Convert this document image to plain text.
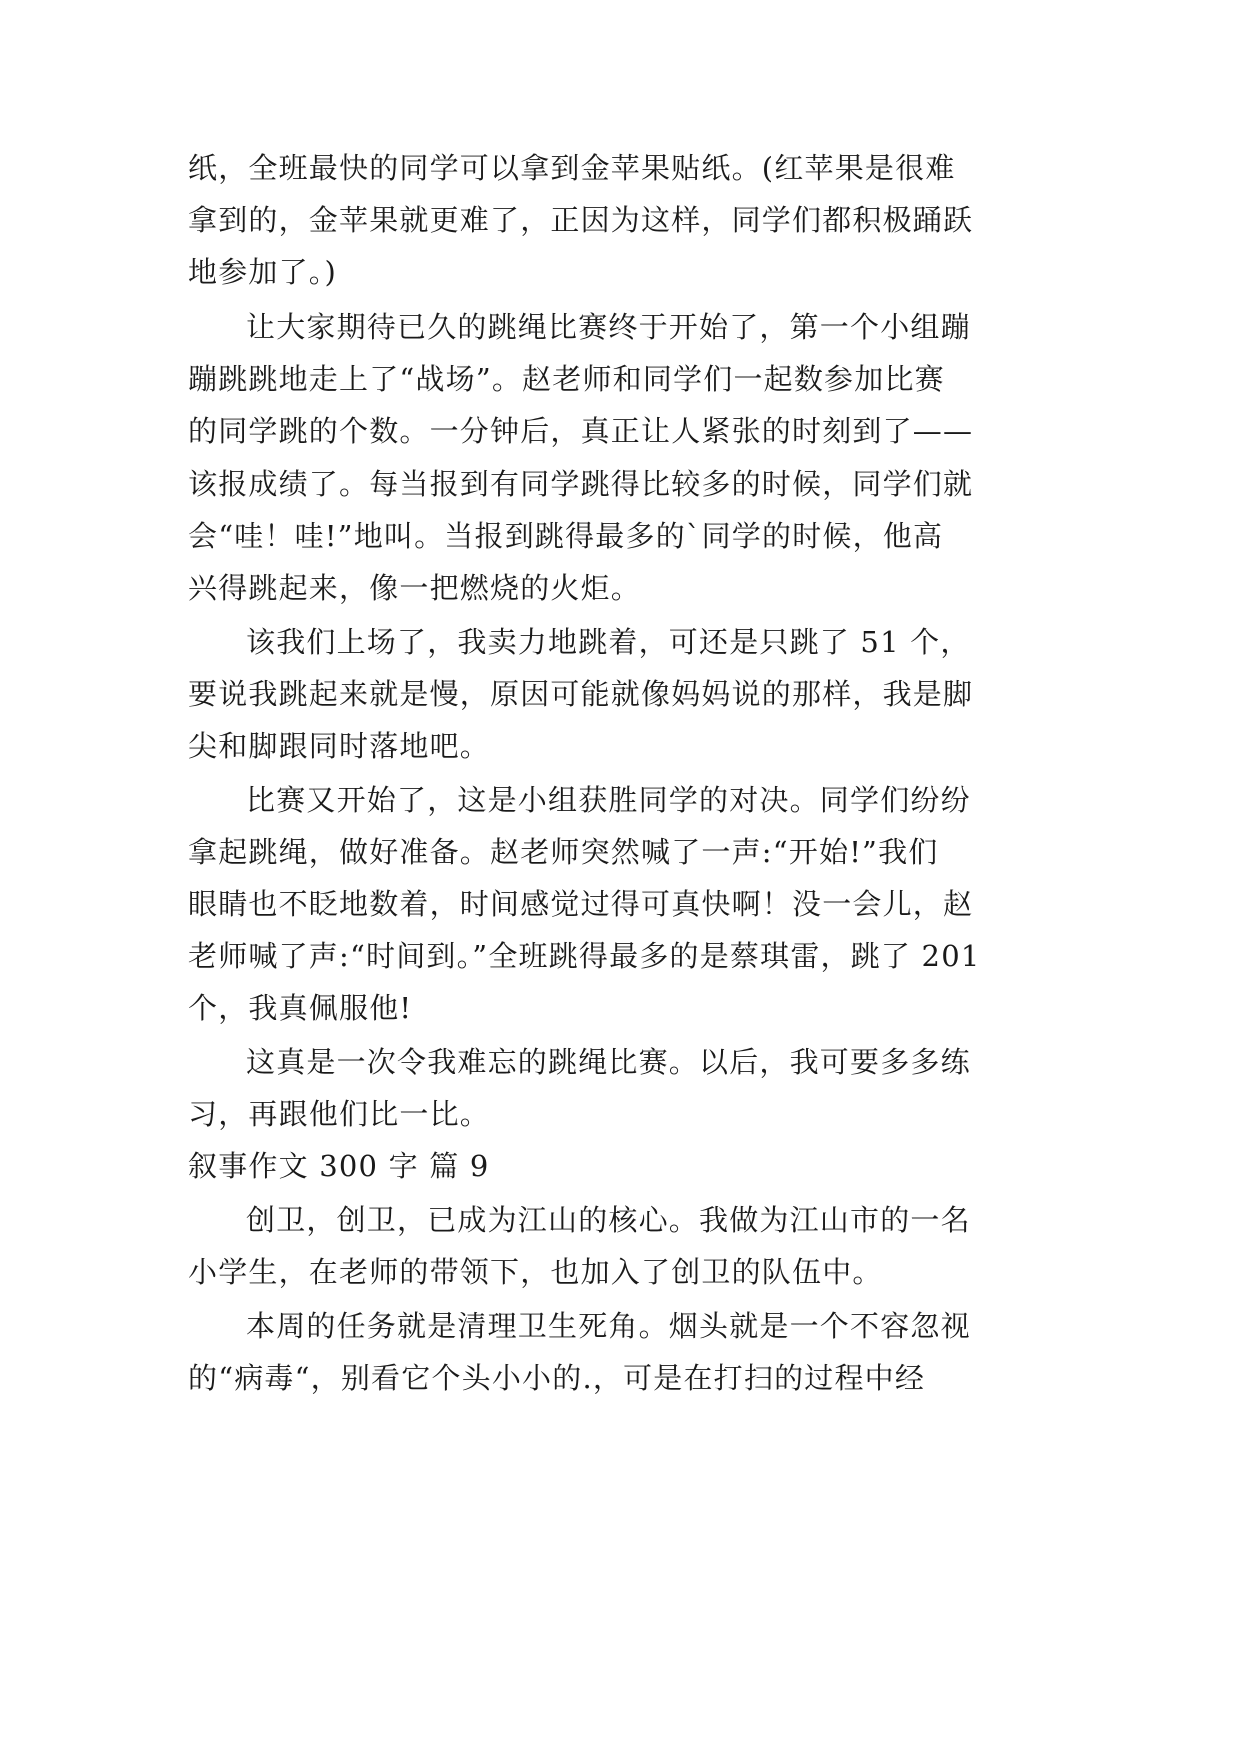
纸，全班最快的同学可以拿到金苹果贴纸。(红苹果是很难
拿到的，金苹果就更难了，正因为这样，同学们都积极踊跃
地参加了。)
让大家期待已久的跳绳比赛终于开始了，第一个小组蹦
蹦跳跳地走上了“战场”。赵老师和同学们一起数参加比赛
的同学跳的个数。一分钟后，真正让人紧张的时刻到了——
该报成绩了。每当报到有同学跳得比较多的时候，同学们就
会“哇！哇!”地叫。当报到跳得最多的`同学的时候，他高
兴得跳起来，像一把燃烧的火炬。
该我们上场了，我卖力地跳着，可还是只跳了 51 个，
要说我跳起来就是慢，原因可能就像妈妈说的那样，我是脚
尖和脚跟同时落地吧。
比赛又开始了，这是小组获胜同学的对决。同学们纷纷
拿起跳绳，做好准备。赵老师突然喊了一声:“开始!”我们
眼睛也不眨地数着，时间感觉过得可真快啊！没一会儿，赵
老师喊了声:“时间到。”全班跳得最多的是蔡琪雷，跳了 201
个，我真佩服他!
这真是一次令我难忘的跳绳比赛。以后，我可要多多练
习，再跟他们比一比。
叙事作文 300 字 篇 9
创卫，创卫，已成为江山的核心。我做为江山市的一名
小学生，在老师的带领下，也加入了创卫的队伍中。
本周的任务就是清理卫生死角。烟头就是一个不容忽视
的“病毒“，别看它个头小小的.，可是在打扫的过程中经
